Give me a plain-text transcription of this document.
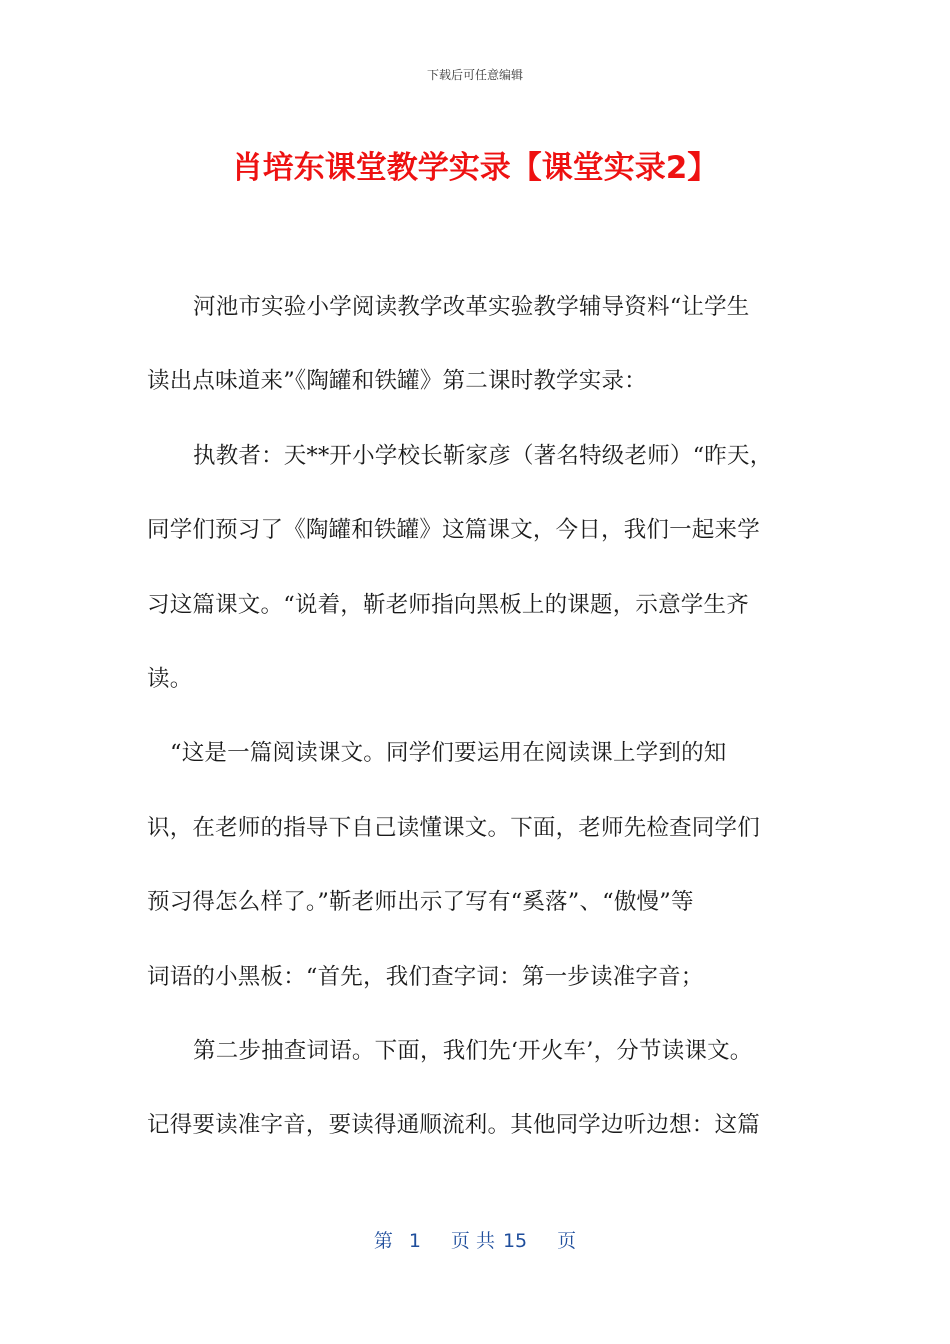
下载后可任意编辑
肖培东课堂教学实录【课堂实录2】

河池市实验小学阅读教学改革实验教学辅导资料“让学生

读出点味道来”《陶罐和铁罐》第二课时教学实录：

执教者：天**开小学校长靳家彦（著名特级老师）“昨天，

同学们预习了《陶罐和铁罐》这篇课文，今日，我们一起来学

习这篇课文。“说着，靳老师指向黑板上的课题，示意学生齐

读。

“这是一篇阅读课文。同学们要运用在阅读课上学到的知

识，在老师的指导下自己读懂课文。下面，老师先检查同学们

预习得怎么样了。”靳老师出示了写有“奚落”、“傲慢”等

词语的小黑板：“首先，我们查字词：第一步读准字音；

第二步抽查词语。下面，我们先‘开火车’，分节读课文。

记得要读准字音，要读得通顺流利。其他同学边听边想：这篇

第 1 页 共 15 页
